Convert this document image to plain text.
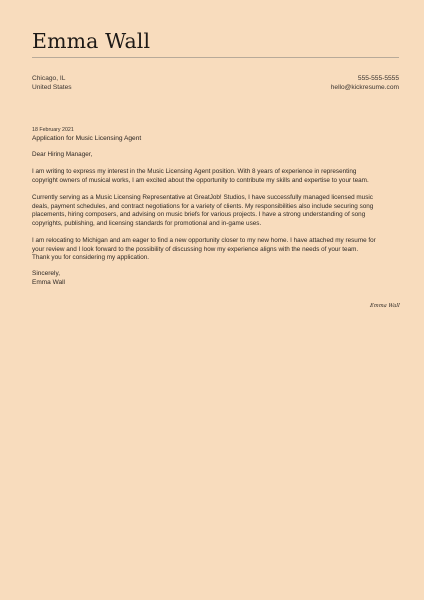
Emma Wall
Chicago, IL
United States
555-555-5555
hello@kickresume.com
18 February 2021
Application for Music Licensing Agent

Dear Hiring Manager,

I am writing to express my interest in the Music Licensing Agent position. With 8 years of experience in representing
copyright owners of musical works, I am excited about the opportunity to contribute my skills and expertise to your team.

Currently serving as a Music Licensing Representative at GreatJob! Studios, I have successfully managed licensed music
deals, payment schedules, and contract negotiations for a variety of clients. My responsibilities also include securing song
placements, hiring composers, and advising on music briefs for various projects. I have a strong understanding of song
copyrights, publishing, and licensing standards for promotional and in-game uses.

I am relocating to Michigan and am eager to find a new opportunity closer to my new home. I have attached my resume for
your review and I look forward to the possibility of discussing how my experience aligns with the needs of your team.
Thank you for considering my application.

Sincerely,
Emma Wall
Emma Wall
